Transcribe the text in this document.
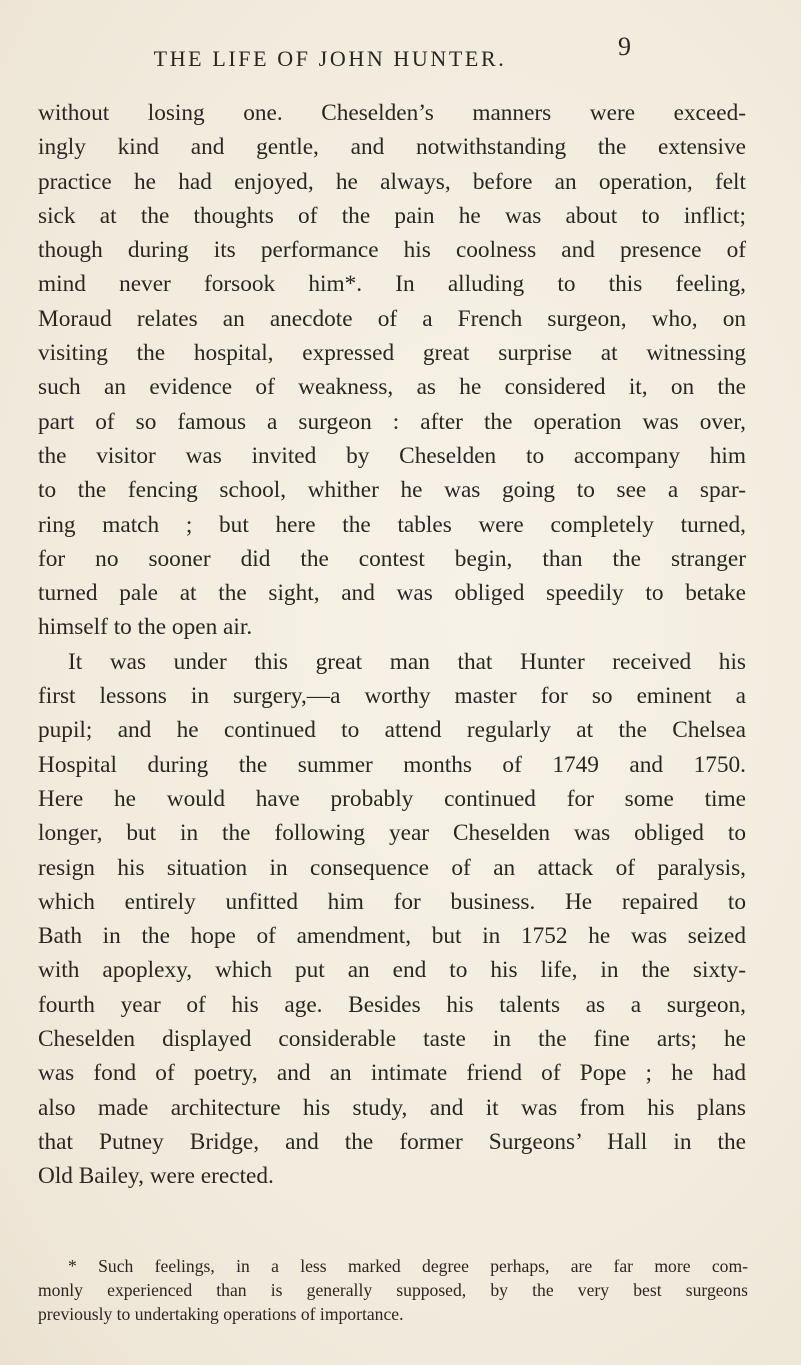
THE LIFE OF JOHN HUNTER.	9
without losing one. Cheselden’s manners were exceed-
ingly kind and gentle, and notwithstanding the extensive
practice he had enjoyed, he always, before an operation, felt
sick at the thoughts of the pain he was about to inflict;
though during its performance his coolness and presence of
mind never forsook him*. In alluding to this feeling,
Moraud relates an anecdote of a French surgeon, who, on
visiting the hospital, expressed great surprise at witnessing
such an evidence of weakness, as he considered it, on the
part of so famous a surgeon : after the operation was over,
the visitor was invited by Cheselden to accompany him
to the fencing school, whither he was going to see a spar-
ring match ; but here the tables were completely turned,
for no sooner did the contest begin, than the stranger
turned pale at the sight, and was obliged speedily to betake
himself to the open air.
It was under this great man that Hunter received his
first lessons in surgery,—a worthy master for so eminent a
pupil; and he continued to attend regularly at the Chelsea
Hospital during the summer months of 1749 and 1750.
Here he would have probably continued for some time
longer, but in the following year Cheselden was obliged to
resign his situation in consequence of an attack of paralysis,
which entirely unfitted him for business. He repaired to
Bath in the hope of amendment, but in 1752 he was seized
with apoplexy, which put an end to his life, in the sixty-
fourth year of his age. Besides his talents as a surgeon,
Cheselden displayed considerable taste in the fine arts; he
was fond of poetry, and an intimate friend of Pope ; he had
also made architecture his study, and it was from his plans
that Putney Bridge, and the former Surgeons’ Hall in the
Old Bailey, were erected.
* Such feelings, in a less marked degree perhaps, are far more com-
monly experienced than is generally supposed, by the very best surgeons
previously to undertaking operations of importance.
